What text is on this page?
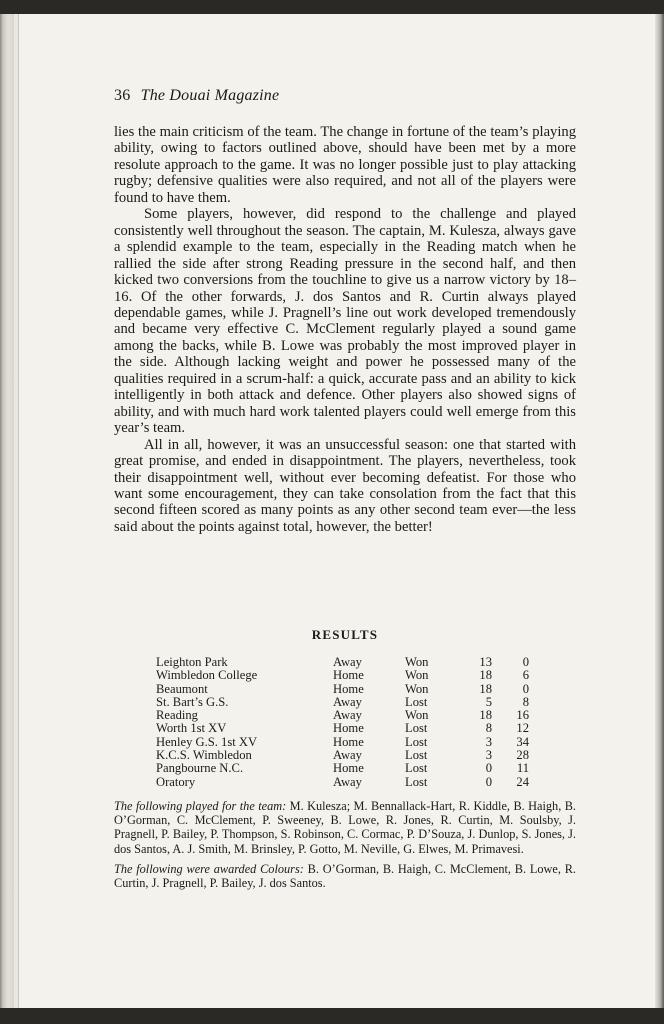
36 The Douai Magazine

lies the main criticism of the team. The change in fortune of the team’s playing ability, owing to factors outlined above, should have been met by a more resolute approach to the game. It was no longer possible just to play attacking rugby; defensive qualities were also required, and not all of the players were found to have them.

Some players, however, did respond to the challenge and played consistently well throughout the season. The captain, M. Kulesza, always gave a splendid example to the team, especially in the Reading match when he rallied the side after strong Reading pressure in the second half, and then kicked two conversions from the touchline to give us a narrow victory by 18–16. Of the other forwards, J. dos Santos and R. Curtin always played dependable games, while J. Pragnell’s line out work developed tremendously and became very effective C. McClement regularly played a sound game among the backs, while B. Lowe was probably the most improved player in the side. Although lacking weight and power he possessed many of the qualities required in a scrum-half: a quick, accurate pass and an ability to kick intelligently in both attack and defence. Other players also showed signs of ability, and with much hard work talented players could well emerge from this year’s team.

All in all, however, it was an unsuccessful season: one that started with great promise, and ended in disappointment. The players, nevertheless, took their disappointment well, without ever becoming defeatist. For those who want some encouragement, they can take consolation from the fact that this second fifteen scored as many points as any other second team ever—the less said about the points against total, however, the better!

RESULTS
Leighton Park	Away	Won	13	0
Wimbledon College	Home	Won	18	6
Beaumont	Home	Won	18	0
St. Bart’s G.S.	Away	Lost	5	8
Reading	Away	Won	18	16
Worth 1st XV	Home	Lost	8	12
Henley G.S. 1st XV	Home	Lost	3	34
K.C.S. Wimbledon	Away	Lost	3	28
Pangbourne N.C.	Home	Lost	0	11
Oratory	Away	Lost	0	24

The following played for the team: M. Kulesza; M. Bennallack-Hart, R. Kiddle, B. Haigh, B. O’Gorman, C. McClement, P. Sweeney, B. Lowe, R. Jones, R. Curtin, M. Soulsby, J. Pragnell, P. Bailey, P. Thompson, S. Robinson, C. Cormac, P. D’Souza, J. Dunlop, S. Jones, J. dos Santos, A. J. Smith, M. Brinsley, P. Gotto, M. Neville, G. Elwes, M. Primavesi.

The following were awarded Colours: B. O’Gorman, B. Haigh, C. McClement, B. Lowe, R. Curtin, J. Pragnell, P. Bailey, J. dos Santos.
